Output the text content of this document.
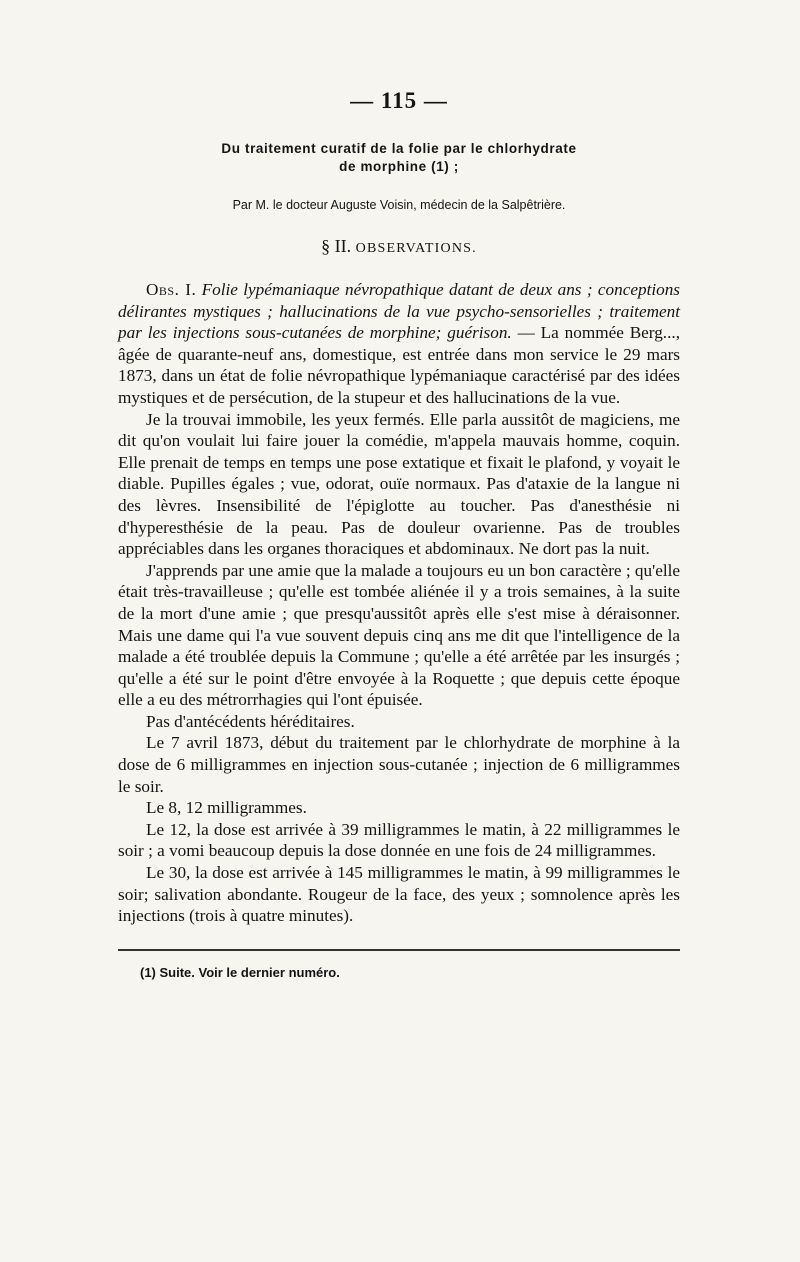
— 115 —
Du traitement curatif de la folie par le chlorhydrate
de morphine (1) ;
Par M. le docteur Auguste Voisin, médecin de la Salpêtrière.
§ II. OBSERVATIONS.

Obs. I. Folie lypémaniaque névropathique datant de deux ans ; conceptions délirantes mystiques ; hallucinations de la vue psycho-sensorielles ; traitement par les injections sous-cutanées de morphine; guérison. — La nommée Berg..., âgée de quarante-neuf ans, domestique, est entrée dans mon service le 29 mars 1873, dans un état de folie névropathique lypémaniaque caractérisé par des idées mystiques et de persécution, de la stupeur et des hallucinations de la vue.

Je la trouvai immobile, les yeux fermés. Elle parla aussitôt de magiciens, me dit qu'on voulait lui faire jouer la comédie, m'appela mauvais homme, coquin. Elle prenait de temps en temps une pose extatique et fixait le plafond, y voyait le diable. Pupilles égales ; vue, odorat, ouïe normaux. Pas d'ataxie de la langue ni des lèvres. Insensibilité de l'épiglotte au toucher. Pas d'anesthésie ni d'hyperesthésie de la peau. Pas de douleur ovarienne. Pas de troubles appréciables dans les organes thoraciques et abdominaux. Ne dort pas la nuit.

J'apprends par une amie que la malade a toujours eu un bon caractère ; qu'elle était très-travailleuse ; qu'elle est tombée aliénée il y a trois semaines, à la suite de la mort d'une amie ; que presqu'aussitôt après elle s'est mise à déraisonner. Mais une dame qui l'a vue souvent depuis cinq ans me dit que l'intelligence de la malade a été troublée depuis la Commune ; qu'elle a été arrêtée par les insurgés ; qu'elle a été sur le point d'être envoyée à la Roquette ; que depuis cette époque elle a eu des métrorrhagies qui l'ont épuisée.

Pas d'antécédents héréditaires.

Le 7 avril 1873, début du traitement par le chlorhydrate de morphine à la dose de 6 milligrammes en injection sous-cutanée ; injection de 6 milligrammes le soir.

Le 8, 12 milligrammes.

Le 12, la dose est arrivée à 39 milligrammes le matin, à 22 milligrammes le soir ; a vomi beaucoup depuis la dose donnée en une fois de 24 milligrammes.

Le 30, la dose est arrivée à 145 milligrammes le matin, à 99 milligrammes le soir; salivation abondante. Rougeur de la face, des yeux ; somnolence après les injections (trois à quatre minutes).

(1) Suite. Voir le dernier numéro.
